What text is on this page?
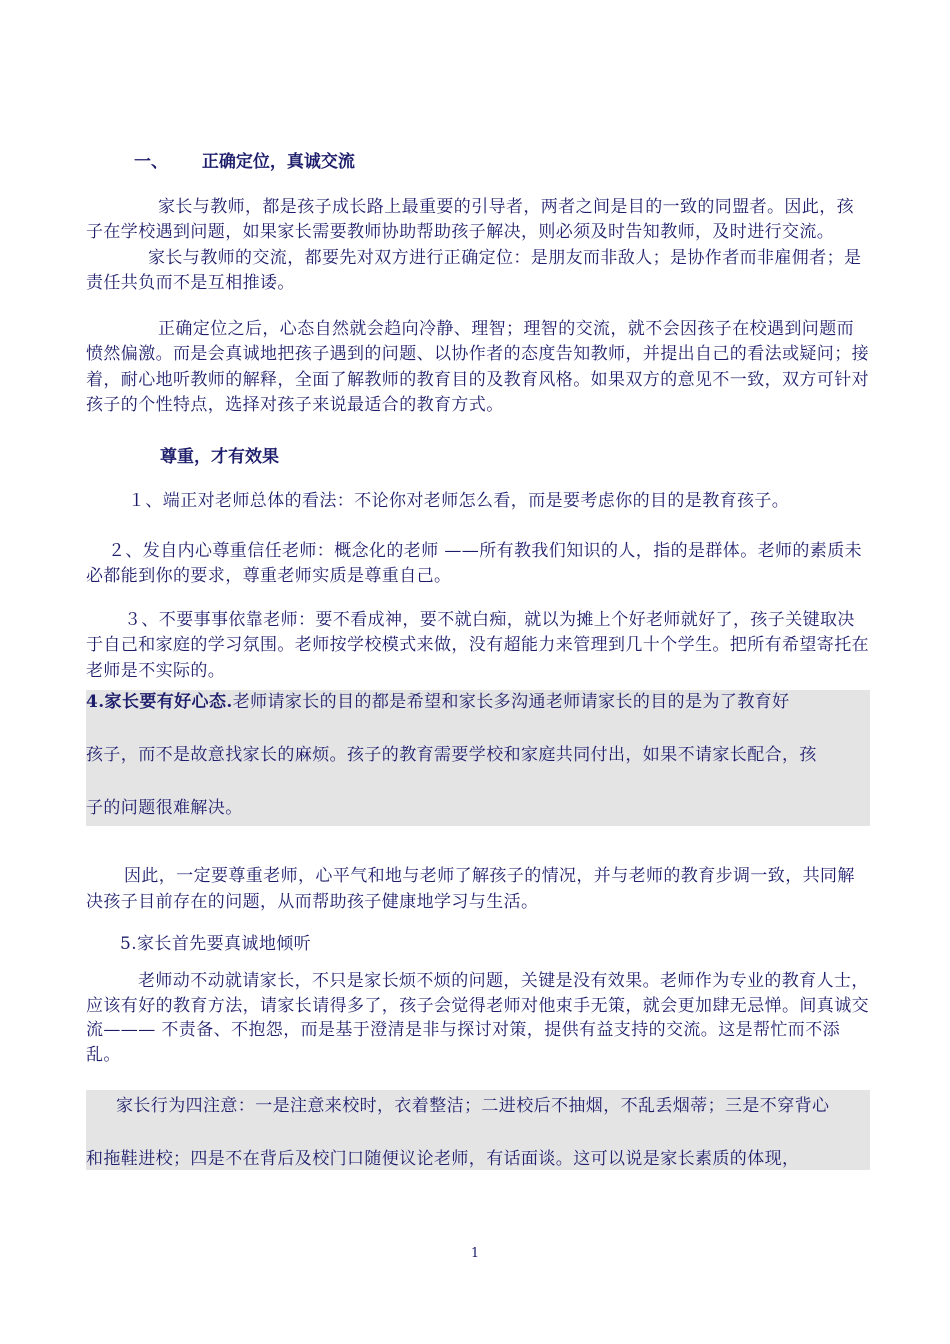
一、 正确定位，真诚交流

家长与教师，都是孩子成长路上最重要的引导者，两者之间是目的一致的同盟者。因此，孩子在学校遇到问题，如果家长需要教师协助帮助孩子解决，则必须及时告知教师，及时进行交流。家长与教师的交流，都要先对双方进行正确定位：是朋友而非敌人；是协作者而非雇佣者；是责任共负而不是互相推诿。

正确定位之后，心态自然就会趋向冷静、理智；理智的交流，就不会因孩子在校遇到问题而愤然偏激。而是会真诚地把孩子遇到的问题、以协作者的态度告知教师，并提出自己的看法或疑问；接着，耐心地听教师的解释，全面了解教师的教育目的及教育风格。如果双方的意见不一致，双方可针对孩子的个性特点，选择对孩子来说最适合的教育方式。

尊重，才有效果

１、端正对老师总体的看法：不论你对老师怎么看，而是要考虑你的目的是教育孩子。

２、发自内心尊重信任老师：概念化的老师 ——所有教我们知识的人，指的是群体。老师的素质未必都能到你的要求，尊重老师实质是尊重自己。

３、不要事事依靠老师：要不看成神，要不就白痴，就以为摊上个好老师就好了，孩子关键取决于自己和家庭的学习氛围。老师按学校模式来做，没有超能力来管理到几十个学生。把所有希望寄托在老师是不实际的。

4.家长要有好心态.老师请家长的目的都是希望和家长多沟通老师请家长的目的是为了教育好
孩子，而不是故意找家长的麻烦。孩子的教育需要学校和家庭共同付出，如果不请家长配合，孩
子的问题很难解决。

因此，一定要尊重老师，心平气和地与老师了解孩子的情况，并与老师的教育步调一致，共同解决孩子目前存在的问题，从而帮助孩子健康地学习与生活。

5.家长首先要真诚地倾听

老师动不动就请家长，不只是家长烦不烦的问题，关键是没有效果。老师作为专业的教育人士，应该有好的教育方法，请家长请得多了，孩子会觉得老师对他束手无策，就会更加肆无忌惮。间真诚交流——— 不责备、不抱怨，而是基于澄清是非与探讨对策，提供有益支持的交流。这是帮忙而不添乱。

家长行为四注意：一是注意来校时，衣着整洁；二进校后不抽烟，不乱丢烟蒂；三是不穿背心
和拖鞋进校；四是不在背后及校门口随便议论老师，有话面谈。这可以说是家长素质的体现，
1
